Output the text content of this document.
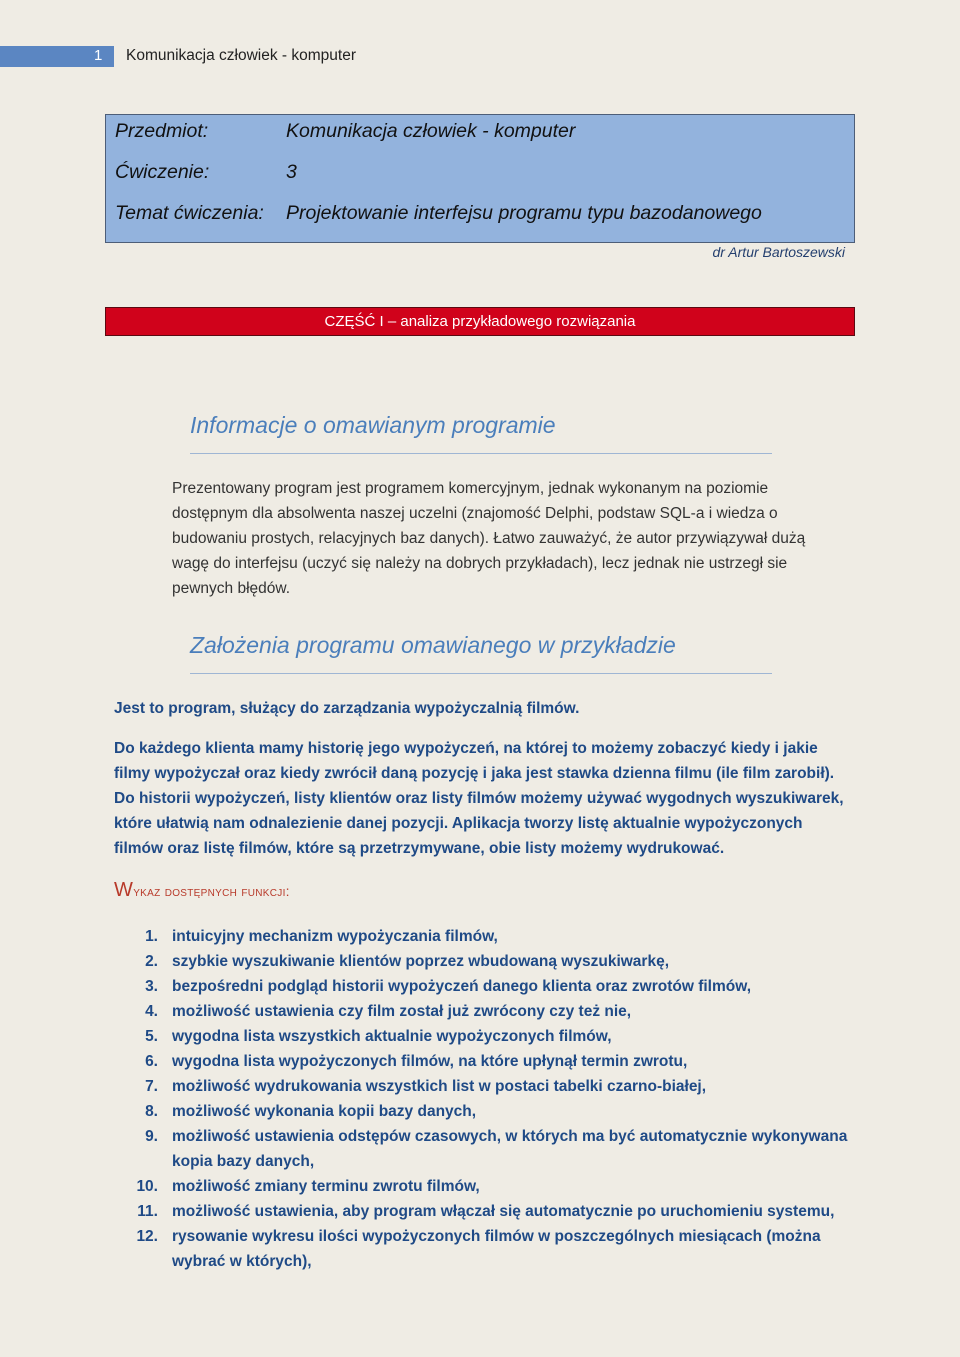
1 Komunikacja człowiek - komputer
Przedmiot:	Komunikacja człowiek - komputer
Ćwiczenie:	3
Temat ćwiczenia: Projektowanie interfejsu programu typu bazodanowego
dr Artur Bartoszewski
CZĘŚĆ I – analiza przykładowego rozwiązania
Informacje o omawianym programie
Prezentowany program jest programem komercyjnym, jednak wykonanym na poziomie dostępnym dla absolwenta naszej uczelni (znajomość Delphi, podstaw SQL-a i wiedza o budowaniu prostych, relacyjnych baz danych). Łatwo zauważyć, że autor przywiązywał dużą wagę do interfejsu (uczyć się należy na dobrych przykładach), lecz jednak nie ustrzegł sie pewnych błędów.
Założenia programu omawianego w przykładzie
Jest to program, służący do zarządzania wypożyczalnią filmów.
Do każdego klienta mamy historię jego wypożyczeń, na której to możemy zobaczyć kiedy i jakie filmy wypożyczał oraz kiedy zwrócił daną pozycję i jaka jest stawka dzienna filmu (ile film zarobił). Do historii wypożyczeń, listy klientów oraz listy filmów możemy używać wygodnych wyszukiwarek, które ułatwią nam odnalezienie danej pozycji. Aplikacja tworzy listę aktualnie wypożyczonych filmów oraz listę filmów, które są przetrzymywane, obie listy możemy wydrukować.
Wykaz dostępnych funkcji:
1. intuicyjny mechanizm wypożyczania filmów,
2. szybkie wyszukiwanie klientów poprzez wbudowaną wyszukiwarkę,
3. bezpośredni podgląd historii wypożyczeń danego klienta oraz zwrotów filmów,
4. możliwość ustawienia czy film został już zwrócony czy też nie,
5. wygodna lista wszystkich aktualnie wypożyczonych filmów,
6. wygodna lista wypożyczonych filmów, na które upłynął termin zwrotu,
7. możliwość wydrukowania wszystkich list w postaci tabelki czarno-białej,
8. możliwość wykonania kopii bazy danych,
9. możliwość ustawienia odstępów czasowych, w których ma być automatycznie wykonywana kopia bazy danych,
10. możliwość zmiany terminu zwrotu filmów,
11. możliwość ustawienia, aby program włączał się automatycznie po uruchomieniu systemu,
12. rysowanie wykresu ilości wypożyczonych filmów w poszczególnych miesiącach (można wybrać w których),
